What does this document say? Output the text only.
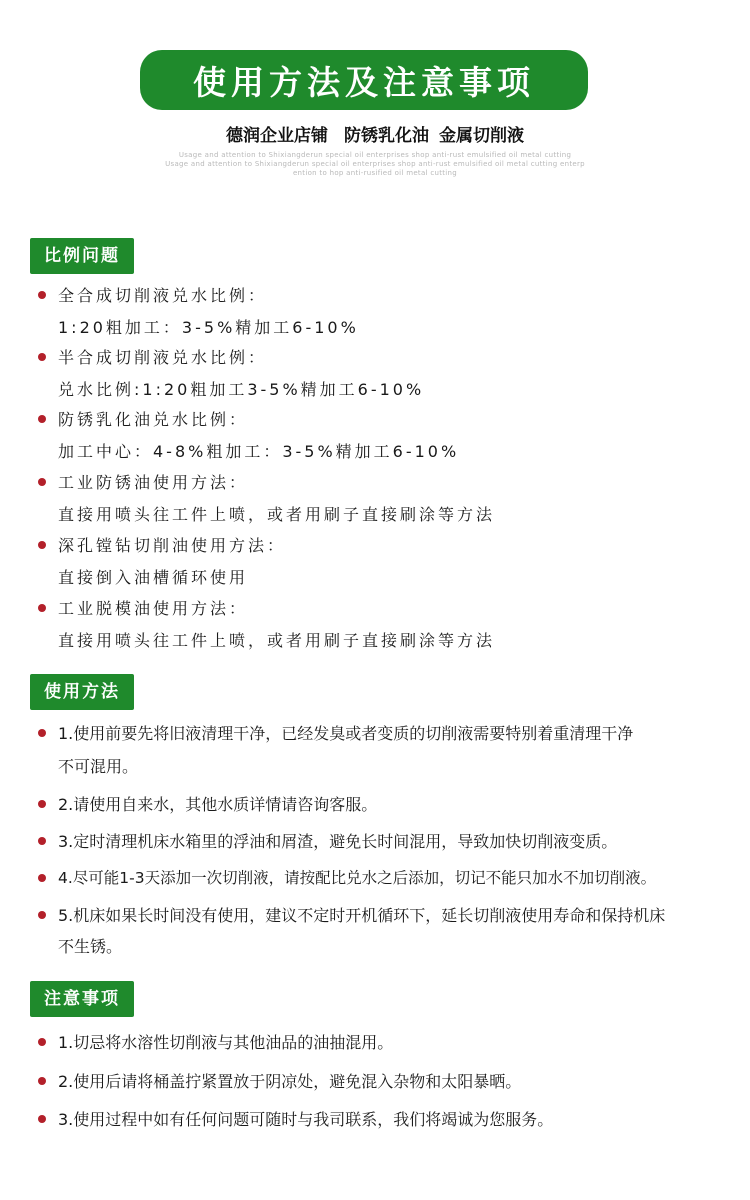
使用方法及注意事项
德润企业店铺 防锈乳化油 金属切削液
Usage and attention to Shixiangderun special oil enterprises shop anti-rust emulsified oil metal cutting
Usage and attention to Shixiangderun special oil enterprises shop anti-rust emulsified oil metal cutting enterp
ention to hop anti-rusified oil metal cutting
比例问题
全合成切削液兑水比例：
1:20粗加工：3-5%精加工6-10%
半合成切削液兑水比例：
兑水比例:1:20粗加工3-5%精加工6-10%
防锈乳化油兑水比例：
加工中心：4-8%粗加工：3-5%精加工6-10%
工业防锈油使用方法：
直接用喷头往工件上喷，或者用刷子直接刷涂等方法
深孔镗钻切削油使用方法：
直接倒入油槽循环使用
工业脱模油使用方法：
直接用喷头往工件上喷，或者用刷子直接刷涂等方法
使用方法
1.使用前要先将旧液清理干净，已经发臭或者变质的切削液需要特别着重清理干净
不可混用。
2.请使用自来水，其他水质详情请咨询客服。
3.定时清理机床水箱里的浮油和屑渣，避免长时间混用，导致加快切削液变质。
4.尽可能1-3天添加一次切削液，请按配比兑水之后添加，切记不能只加水不加切削液。
5.机床如果长时间没有使用，建议不定时开机循环下，延长切削液使用寿命和保持机床
不生锈。
注意事项
1.切忌将水溶性切削液与其他油品的油抽混用。
2.使用后请将桶盖拧紧置放于阴凉处，避免混入杂物和太阳暴晒。
3.使用过程中如有任何问题可随时与我司联系，我们将竭诚为您服务。
